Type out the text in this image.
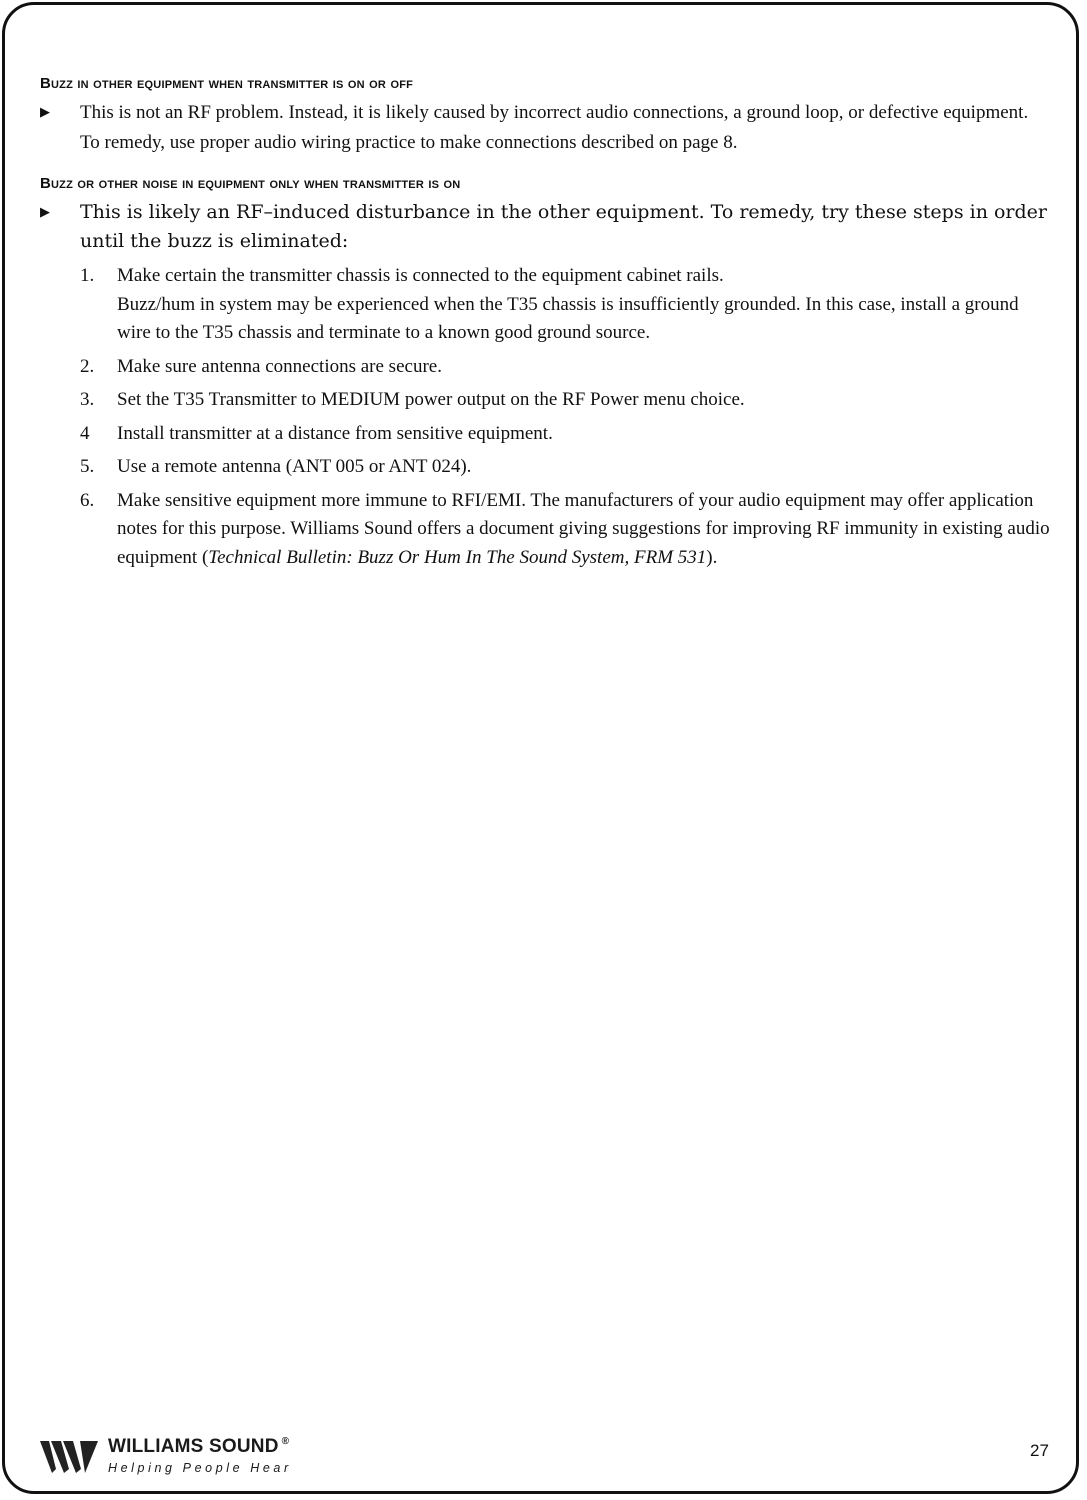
Buzz in other equipment when transmitter is on or off
▶	This is not an RF problem. Instead, it is likely caused by incorrect audio connections, a ground loop, or defective equipment. To remedy, use proper audio wiring practice to make connections described on page 8.

Buzz or other noise in equipment only when transmitter is on
▶	This is likely an RF–induced disturbance in the other equipment. To remedy, try these steps in order until the buzz is eliminated:

1.	Make certain the transmitter chassis is connected to the equipment cabinet rails.
Buzz/hum in system may be experienced when the T35 chassis is insufficiently grounded. In this case, install a ground wire to the T35 chassis and terminate to a known good ground source.
2.	Make sure antenna connections are secure.
3.	Set the T35 Transmitter to MEDIUM power output on the RF Power menu choice.
4	Install transmitter at a distance from sensitive equipment.
5.	Use a remote antenna (ANT 005 or ANT 024).
6.	Make sensitive equipment more immune to RFI/EMI. The manufacturers of your audio equipment may offer application notes for this purpose. Williams Sound offers a document giving suggestions for improving RF immunity in existing audio equipment (Technical Bulletin: Buzz Or Hum In The Sound System, FRM 531).
WILLIAMS SOUND ®
Helping People Hear
27
